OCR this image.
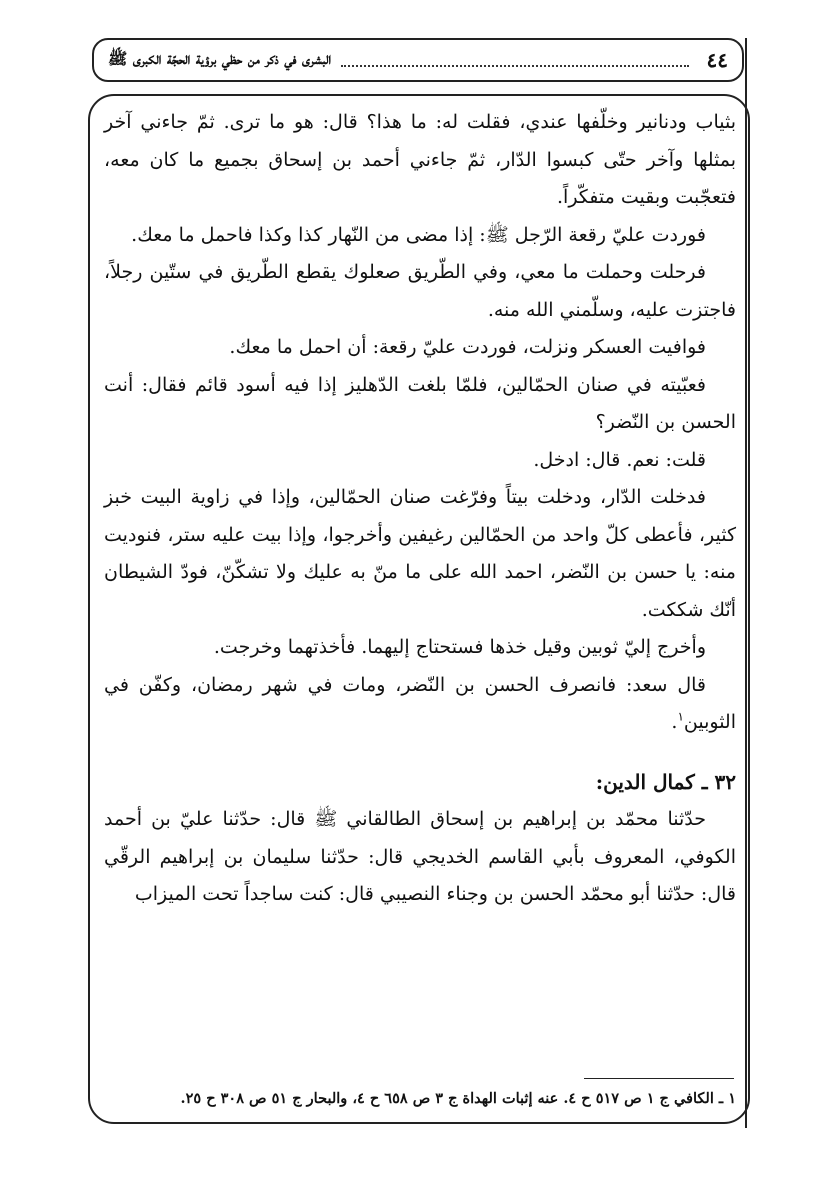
٤٤
البشرى في ذكر من حظي برؤية الحجّة الكبرى ﷺ

بثياب ودنانير وخلّفها عندي، فقلت له: ما هذا؟ قال: هو ما ترى. ثمّ جاءني آخر بمثلها وآخر حتّى كبسوا الدّار، ثمّ جاءني أحمد بن إسحاق بجميع ما كان معه، فتعجّبت وبقيت متفكّراً.

فوردت عليّ رقعة الرّجل ﷺ: إذا مضى من النّهار كذا وكذا فاحمل ما معك.

فرحلت وحملت ما معي، وفي الطّريق صعلوك يقطع الطّريق في ستّين رجلاً، فاجتزت عليه، وسلّمني الله منه.

فوافيت العسكر ونزلت، فوردت عليّ رقعة: أن احمل ما معك.

فعبّيته في صنان الحمّالين، فلمّا بلغت الدّهليز إذا فيه أسود قائم فقال: أنت الحسن بن النّضر؟

قلت: نعم. قال: ادخل.

فدخلت الدّار، ودخلت بيتاً وفرّغت صنان الحمّالين، وإذا في زاوية البيت خبز كثير، فأعطى كلّ واحد من الحمّالين رغيفين وأخرجوا، وإذا بيت عليه ستر، فنوديت منه: يا حسن بن النّضر، احمد الله على ما منّ به عليك ولا تشكّنّ، فودّ الشيطان أنّك شككت.

وأخرج إليّ ثوبين وقيل خذها فستحتاج إليهما. فأخذتهما وخرجت.

قال سعد: فانصرف الحسن بن النّضر، ومات في شهر رمضان، وكفّن في الثوبين$^١$.

٣٢ ـ كمال الدين:

حدّثنا محمّد بن إبراهيم بن إسحاق الطالقاني ﷺ قال: حدّثنا عليّ بن أحمد الكوفي، المعروف بأبي القاسم الخديجي قال: حدّثنا سليمان بن إبراهيم الرقّي قال: حدّثنا أبو محمّد الحسن بن وجناء النصيبي قال: كنت ساجداً تحت الميزاب

١ ـ الكافي ج ١ ص ٥١٧ ح ٤. عنه إثبات الهداة ج ٣ ص ٦٥٨ ح ٤، والبحار ج ٥١ ص ٣٠٨ ح ٢٥.
